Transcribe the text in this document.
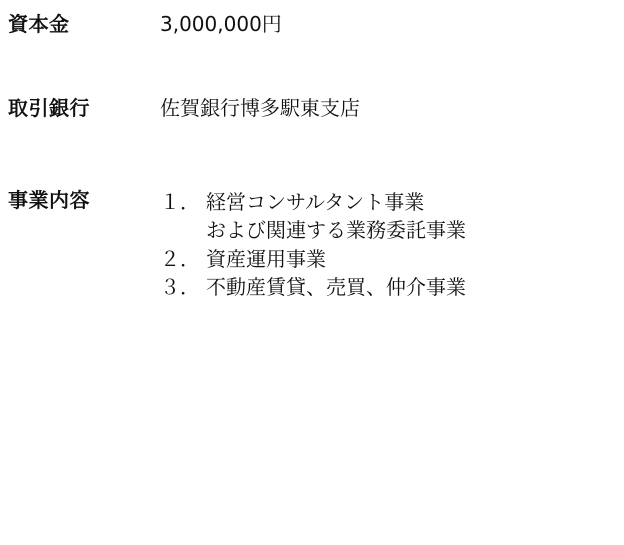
資本金	3,000,000円
取引銀行	佐賀銀行博多駅東支店
事業内容	１． 経営コンサルタント事業
および関連する業務委託事業
２． 資産運用事業
３． 不動産賃貸、売買、仲介事業
